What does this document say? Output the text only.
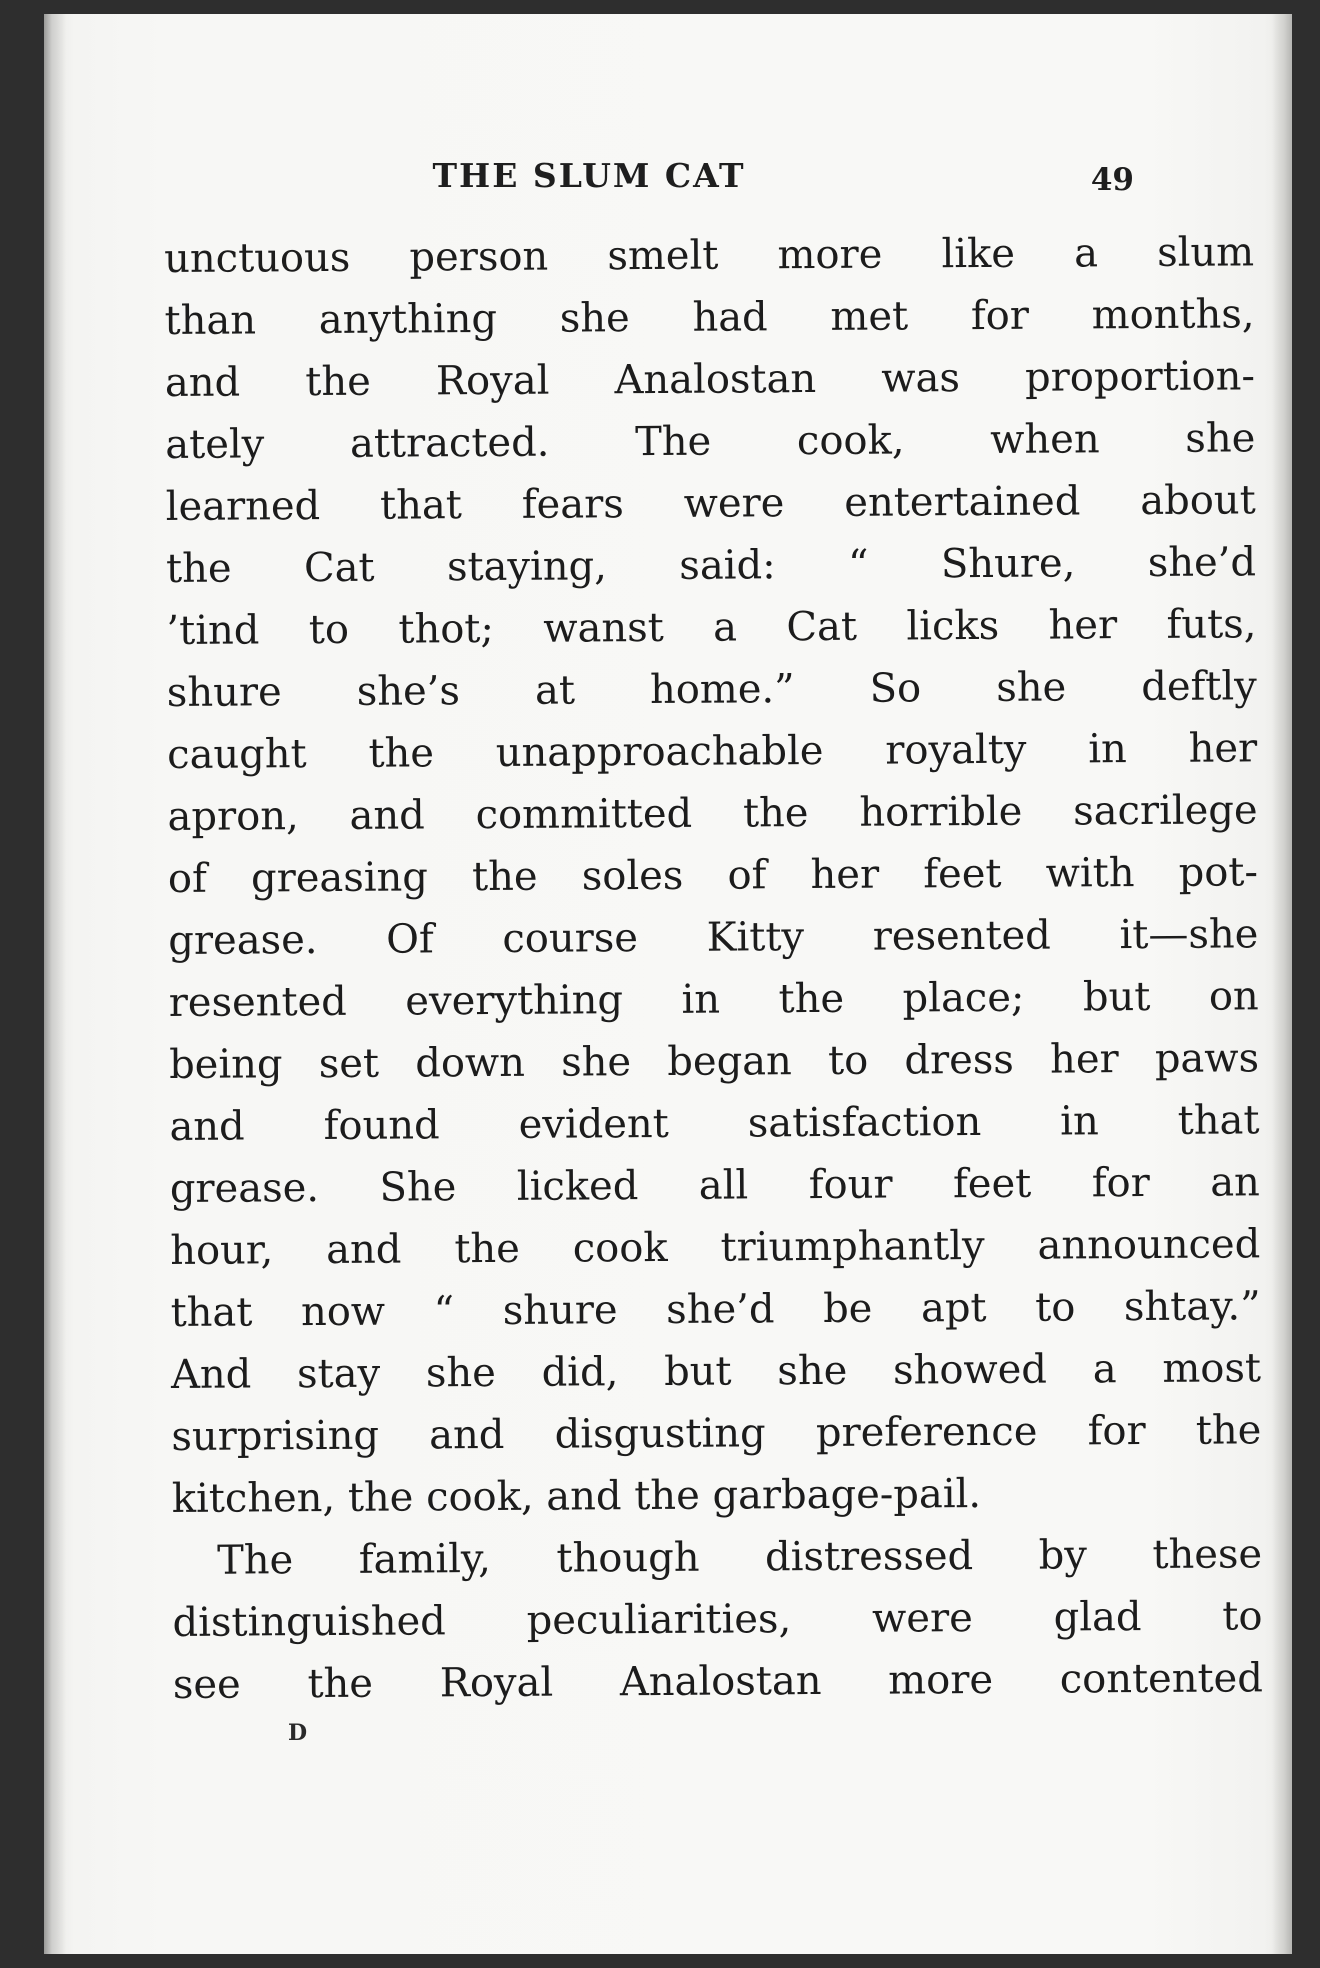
THE SLUM CAT	49
unctuous person smelt more like a slum
than anything she had met for months,
and the Royal Analostan was proportion-
ately attracted. The cook, when she
learned that fears were entertained about
the Cat staying, said: “ Shure, she’d
’tind to thot; wanst a Cat licks her futs,
shure she’s at home.” So she deftly
caught the unapproachable royalty in her
apron, and committed the horrible sacrilege
of greasing the soles of her feet with pot-
grease. Of course Kitty resented it—she
resented everything in the place; but on
being set down she began to dress her paws
and found evident satisfaction in that
grease. She licked all four feet for an
hour, and the cook triumphantly announced
that now “ shure she’d be apt to shtay.”
And stay she did, but she showed a most
surprising and disgusting preference for the
kitchen, the cook, and the garbage-pail.
The family, though distressed by these
distinguished peculiarities, were glad to
see the Royal Analostan more contented
D
